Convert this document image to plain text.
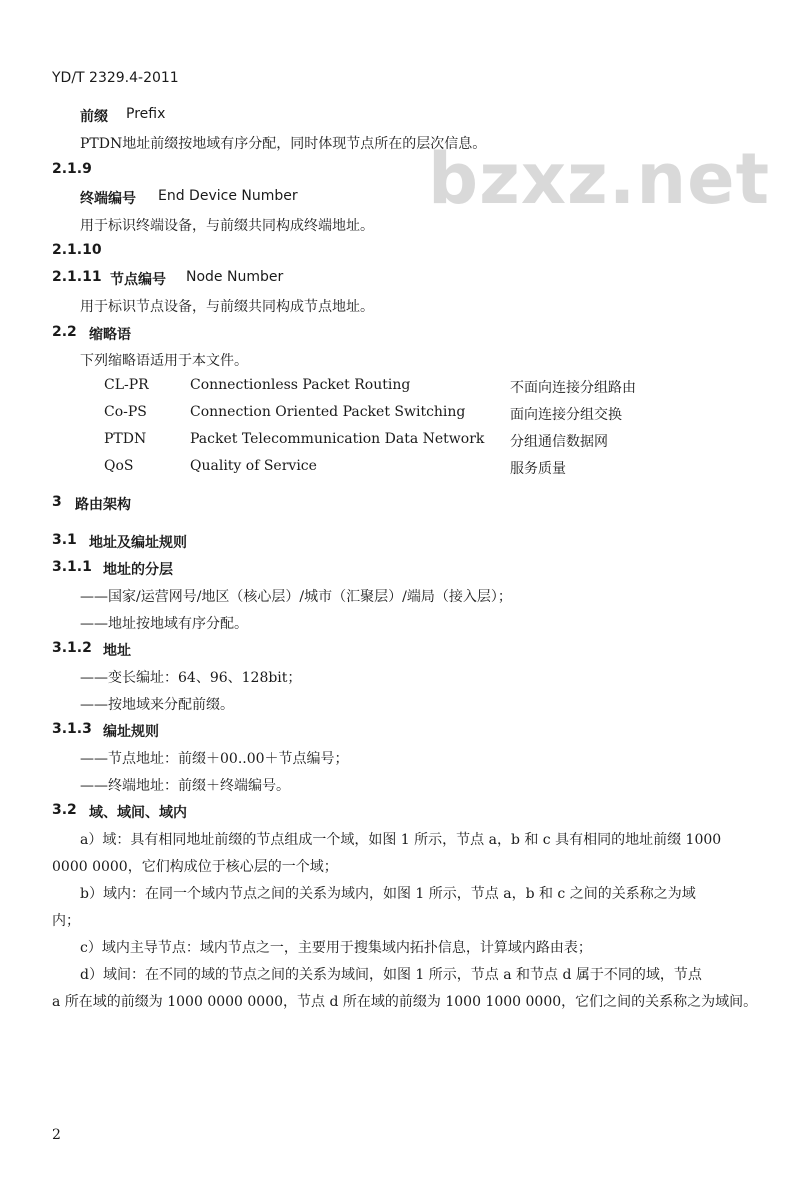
YD/T 2329.4-2011
bzxz.net
前缀 Prefix
PTDN地址前缀按地域有序分配，同时体现节点所在的层次信息。
2.1.9
终端编号 End Device Number
用于标识终端设备，与前缀共同构成终端地址。
2.1.10
2.1.11 节点编号 Node Number
用于标识节点设备，与前缀共同构成节点地址。
2.2 缩略语
下列缩略语适用于本文件。
CL-PR	Connectionless Packet Routing	不面向连接分组路由
Co-PS	Connection Oriented Packet Switching	面向连接分组交换
PTDN	Packet Telecommunication Data Network 分组通信数据网
QoS	Quality of Service	服务质量
3 路由架构
3.1 地址及编址规则
3.1.1 地址的分层
——国家/运营网号/地区（核心层）/城市（汇聚层）/端局（接入层）；
——地址按地域有序分配。
3.1.2 地址
——变长编址：64、96、128bit；
——按地域来分配前缀。
3.1.3 编址规则
——节点地址：前缀＋00..00＋节点编号；
——终端地址：前缀＋终端编号。
3.2 域、域间、域内
a）域：具有相同地址前缀的节点组成一个域，如图 1 所示，节点 a，b 和 c 具有相同的地址前缀 1000
0000 0000，它们构成位于核心层的一个域；
b）域内：在同一个域内节点之间的关系为域内，如图 1 所示，节点 a，b 和 c 之间的关系称之为域
内；
c）域内主导节点：域内节点之一，主要用于搜集域内拓扑信息，计算域内路由表；
d）域间：在不同的域的节点之间的关系为域间，如图 1 所示，节点 a 和节点 d 属于不同的域，节点
a 所在域的前缀为 1000 0000 0000，节点 d 所在域的前缀为 1000 1000 0000，它们之间的关系称之为域间。
2
